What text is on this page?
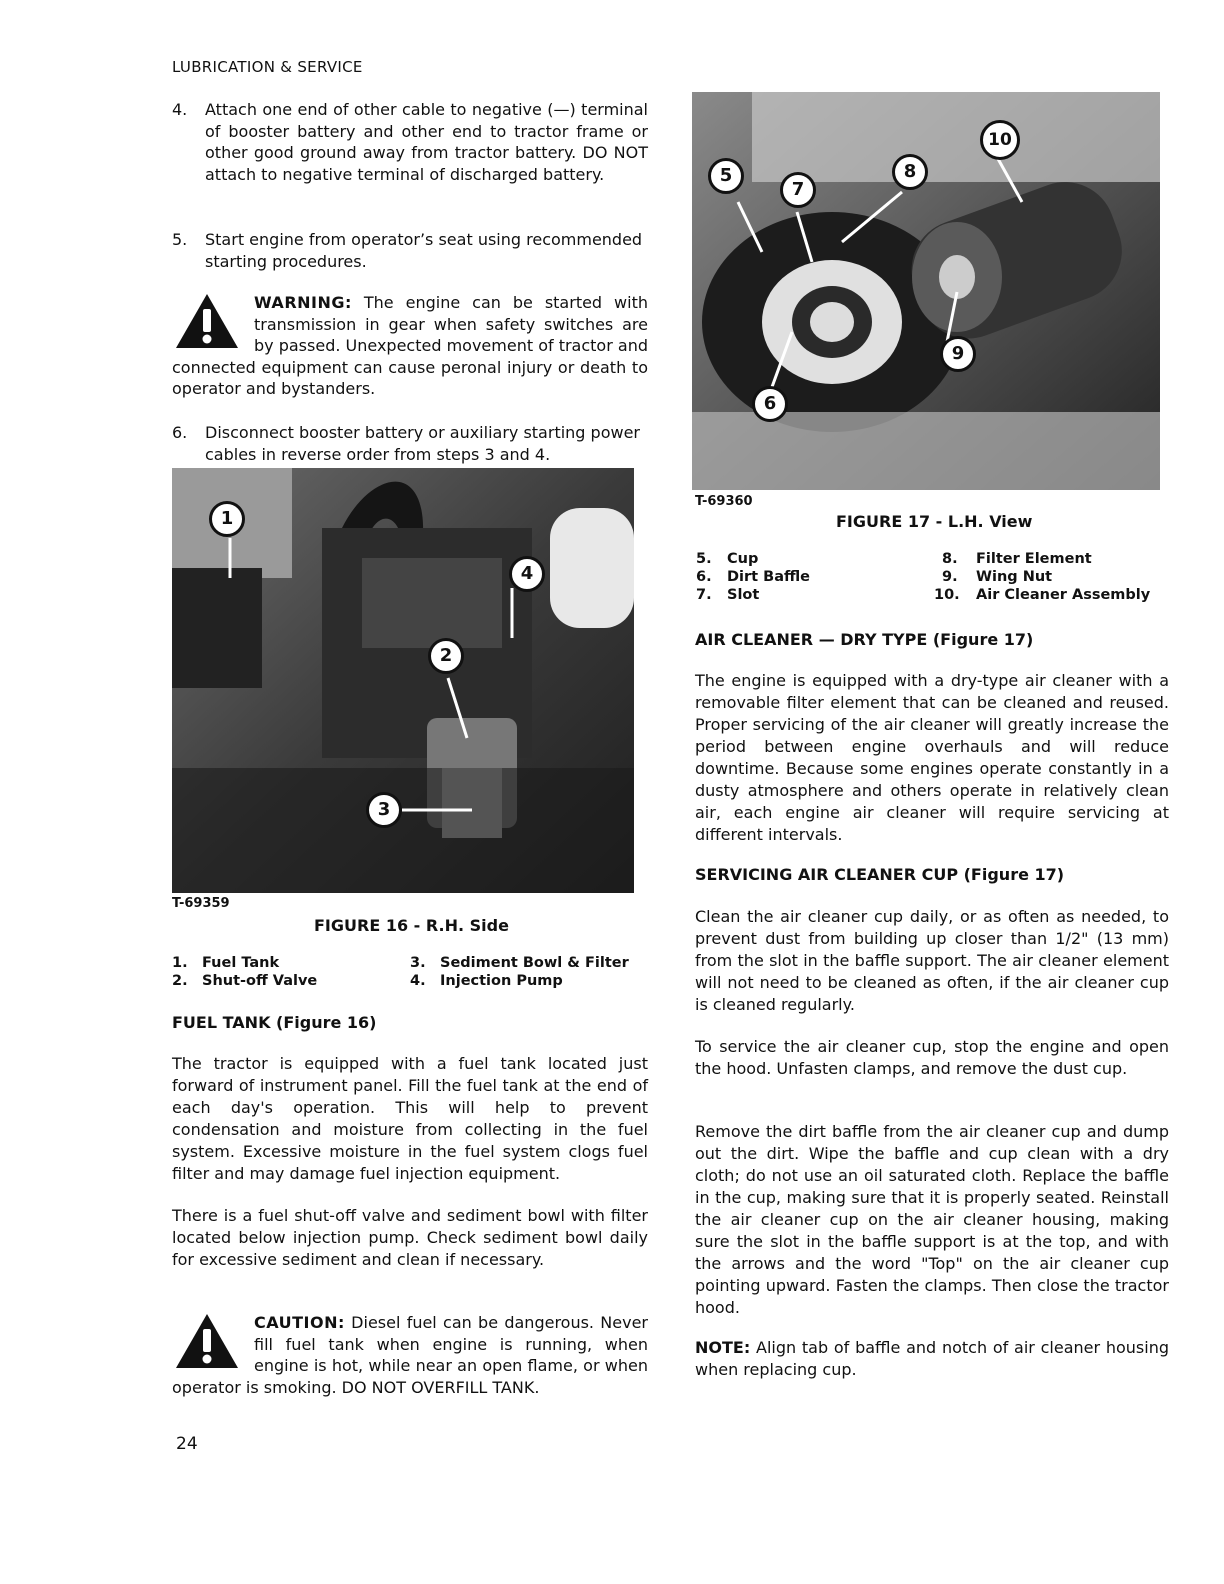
LUBRICATION & SERVICE
4. Attach one end of other cable to negative (—) terminal of booster battery and other end to tractor frame or other good ground away from tractor battery. DO NOT attach to negative terminal of discharged battery.
5. Start engine from operator’s seat using recommended starting procedures.
WARNING: The engine can be started with transmission in gear when safety switches are by passed. Unexpected movement of tractor and connected equipment can cause peronal injury or death to operator and bystanders.
6. Disconnect booster battery or auxiliary starting power cables in reverse order from steps 3 and 4.
1
4
2
3
T-69359
FIGURE 16 - R.H. Side
1. Fuel Tank
2. Shut-off Valve
3. Sediment Bowl & Filter
4. Injection Pump
FUEL TANK (Figure 16)
The tractor is equipped with a fuel tank located just forward of instrument panel. Fill the fuel tank at the end of each day's operation. This will help to prevent condensation and moisture from collecting in the fuel system. Excessive moisture in the fuel system clogs fuel filter and may damage fuel injection equipment.
There is a fuel shut-off valve and sediment bowl with filter located below injection pump. Check sediment bowl daily for excessive sediment and clean if necessary.
CAUTION: Diesel fuel can be dangerous. Never fill fuel tank when engine is running, when engine is hot, while near an open flame, or when operator is smoking. DO NOT OVERFILL TANK.
5
7
8
10
9
6
T-69360
FIGURE 17 - L.H. View
5. Cup
6. Dirt Baffle
7. Slot
8. Filter Element
9. Wing Nut
10. Air Cleaner Assembly
AIR CLEANER — DRY TYPE (Figure 17)
The engine is equipped with a dry-type air cleaner with a removable filter element that can be cleaned and reused. Proper servicing of the air cleaner will greatly increase the period between engine overhauls and will reduce downtime. Because some engines operate constantly in a dusty atmosphere and others operate in relatively clean air, each engine air cleaner will require servicing at different intervals.
SERVICING AIR CLEANER CUP (Figure 17)
Clean the air cleaner cup daily, or as often as needed, to prevent dust from building up closer than 1/2" (13 mm) from the slot in the baffle support. The air cleaner element will not need to be cleaned as often, if the air cleaner cup is cleaned regularly.
To service the air cleaner cup, stop the engine and open the hood. Unfasten clamps, and remove the dust cup.
Remove the dirt baffle from the air cleaner cup and dump out the dirt. Wipe the baffle and cup clean with a dry cloth; do not use an oil saturated cloth. Replace the baffle in the cup, making sure that it is properly seated. Reinstall the air cleaner cup on the air cleaner housing, making sure the slot in the baffle support is at the top, and with the arrows and the word "Top" on the air cleaner cup pointing upward. Fasten the clamps. Then close the tractor hood.
NOTE: Align tab of baffle and notch of air cleaner housing when replacing cup.
24
